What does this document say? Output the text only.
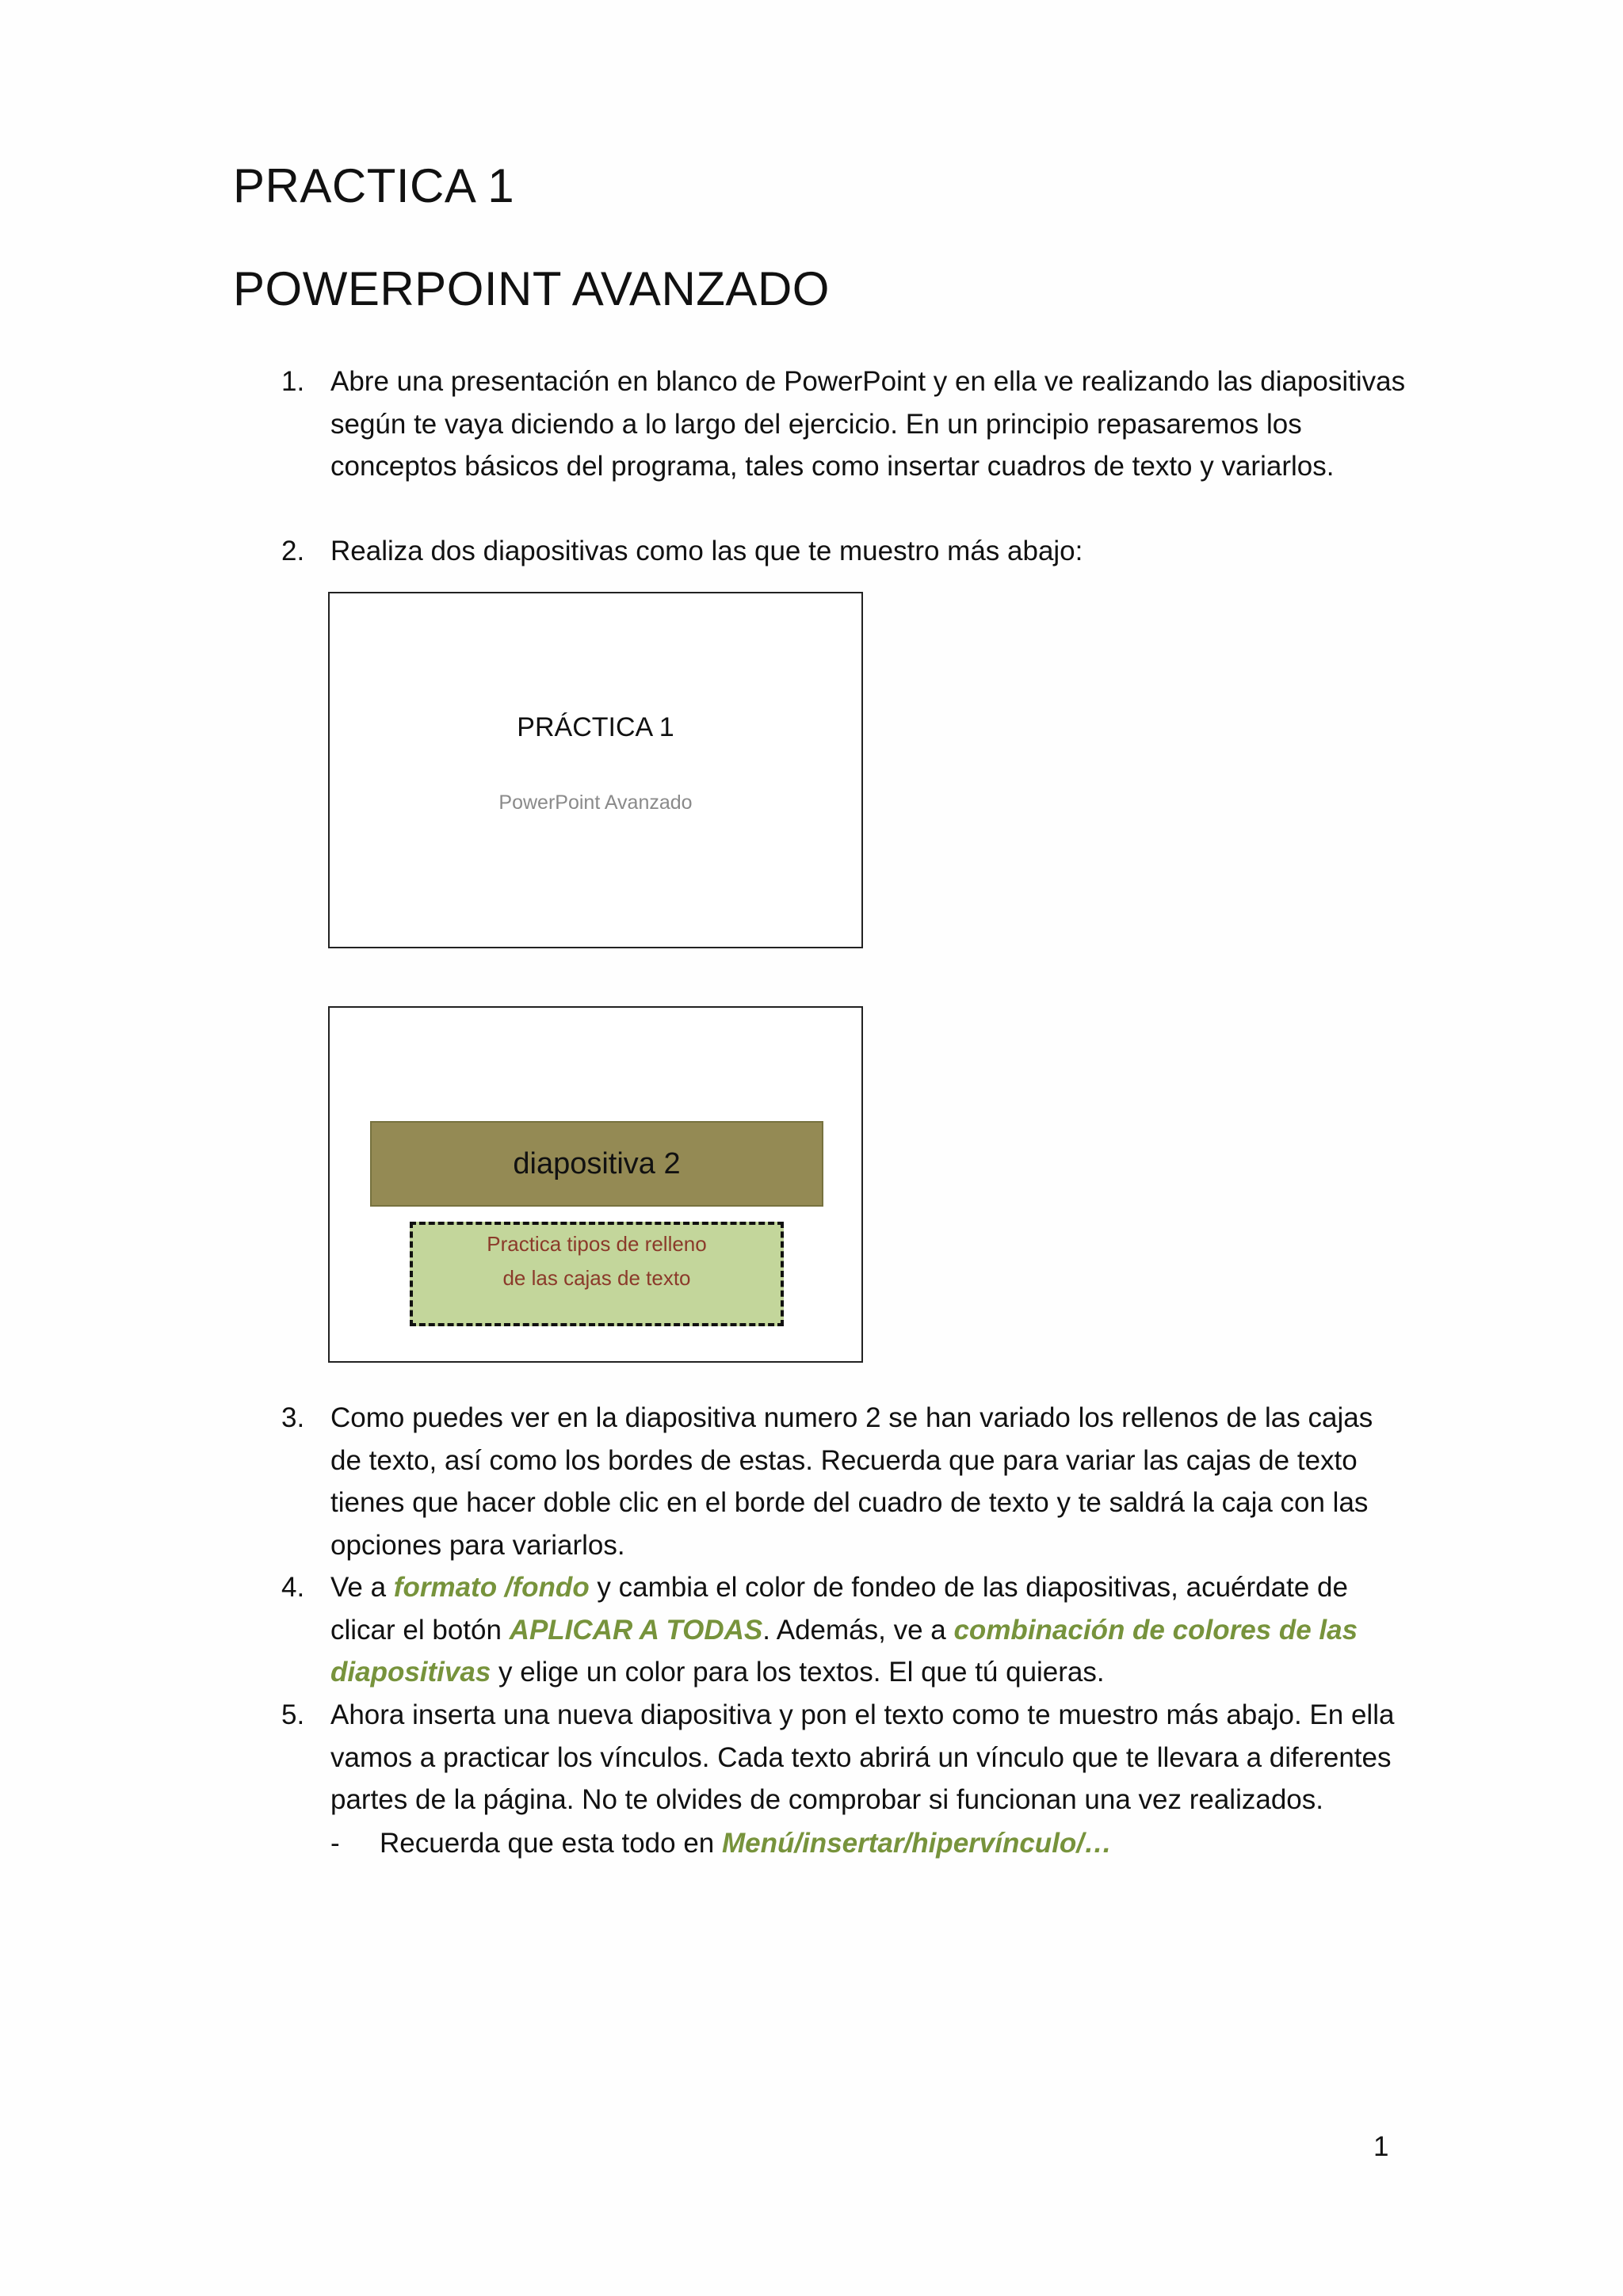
PRACTICA 1
POWERPOINT AVANZADO
1. Abre una presentación en blanco de PowerPoint y en ella ve realizando las diapositivas según te vaya diciendo a lo largo del ejercicio. En un principio repasaremos los conceptos básicos del programa, tales como insertar cuadros de texto y variarlos.
2. Realiza dos diapositivas como las que te muestro más abajo:
PRÁCTICA 1
PowerPoint Avanzado
diapositiva 2
Practica tipos de relleno
de las cajas de texto
3. Como puedes ver en la diapositiva numero 2 se han variado los rellenos de las cajas de texto, así como los bordes de estas. Recuerda que para variar las cajas de texto tienes que hacer doble clic en el borde del cuadro de texto y te saldrá la caja con las opciones para variarlos.
4. Ve a formato /fondo y cambia el color de fondeo de las diapositivas, acuérdate de clicar el botón APLICAR A TODAS. Además, ve a combinación de colores de las diapositivas y elige un color para los textos. El que tú quieras.
5. Ahora inserta una nueva diapositiva y pon el texto como te muestro más abajo. En ella vamos a practicar los vínculos. Cada texto abrirá un vínculo que te llevara a diferentes partes de la página. No te olvides de comprobar si funcionan una vez realizados.
- Recuerda que esta todo en Menú/insertar/hipervínculo/…
1
